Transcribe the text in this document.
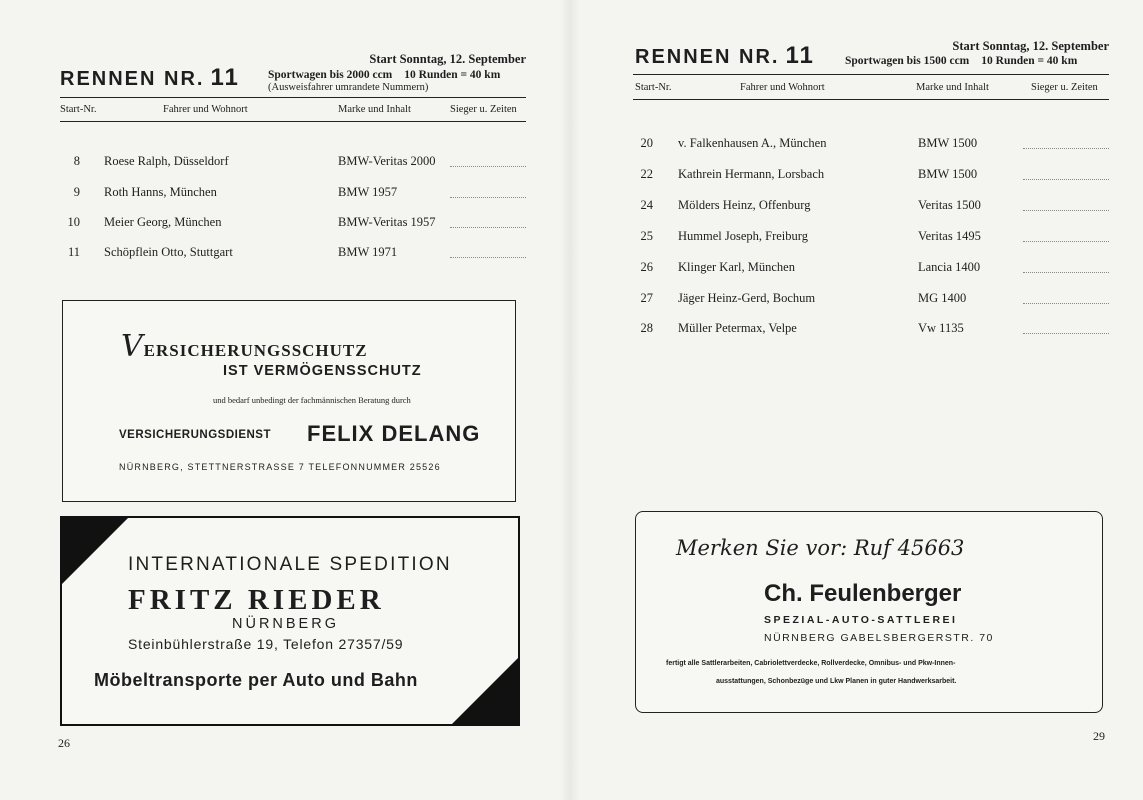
RENNEN NR. 11
Start Sonntag, 12. September
Sportwagen bis 2000 ccm 10 Runden = 40 km
(Ausweisfahrer umrandete Nummern)
Start-Nr.	Fahrer und Wohnort	Marke und Inhalt	Sieger u. Zeiten
8 Roese Ralph, Düsseldorf	BMW-Veritas 2000
9 Roth Hanns, München	BMW 1957
10 Meier Georg, München	BMW-Veritas 1957
11 Schöpflein Otto, Stuttgart	BMW 1971
VERSICHERUNGSSCHUTZ
IST VERMÖGENSSCHUTZ
und bedarf unbedingt der fachmännischen Beratung durch
VERSICHERUNGSDIENST FELIX DELANG
NÜRNBERG, STETTNERSTRASSE 7 TELEFONNUMMER 25526
INTERNATIONALE SPEDITION
FRITZ RIEDER
NÜRNBERG
Steinbühlerstraße 19, Telefon 27357/59
Möbeltransporte per Auto und Bahn
26
RENNEN NR. 11	Start Sonntag, 12. September
Sportwagen bis 1500 ccm 10 Runden = 40 km
Start-Nr.	Fahrer und Wohnort	Marke und Inhalt	Sieger u. Zeiten
20 v. Falkenhausen A., München	BMW 1500
22 Kathrein Hermann, Lorsbach	BMW 1500
24 Mölders Heinz, Offenburg	Veritas 1500
25 Hummel Joseph, Freiburg	Veritas 1495
26 Klinger Karl, München	Lancia 1400
27 Jäger Heinz-Gerd, Bochum	MG 1400
28 Müller Petermax, Velpe	Vw 1135
Merken Sie vor: Ruf 45663
Ch. Feulenberger
SPEZIAL-AUTO-SATTLEREI
NÜRNBERG GABELSBERGERSTR. 70
fertigt alle Sattlerarbeiten, Cabriolettverdecke, Rollverdecke, Omnibus- und Pkw-Innen-
ausstattungen, Schonbezüge und Lkw Planen in guter Handwerksarbeit.
29
